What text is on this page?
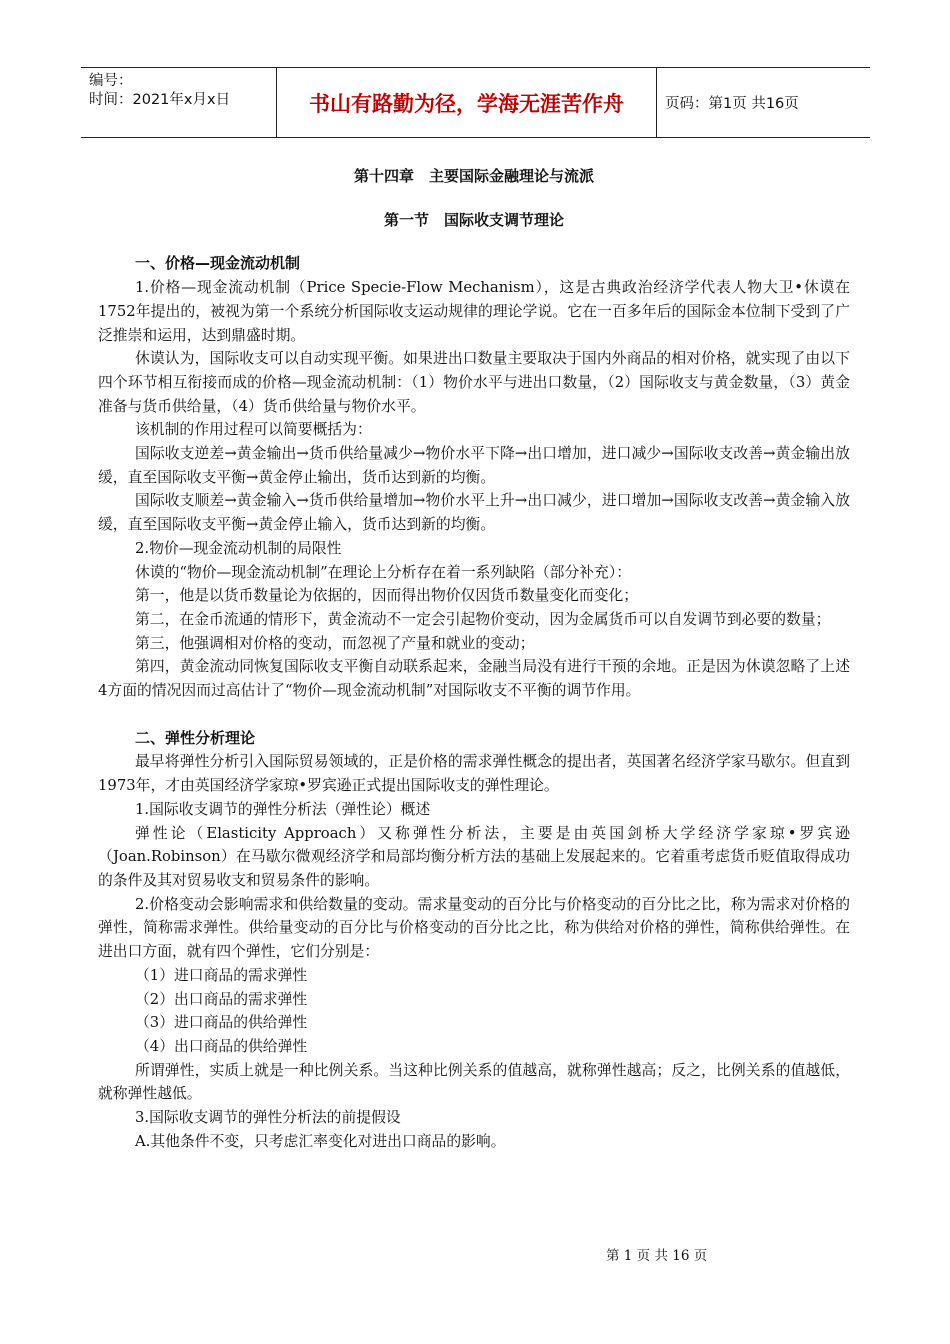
编号：
时间：2021年x月x日	书山有路勤为径，学海无涯苦作舟	页码：第1页 共16页
第十四章　主要国际金融理论与流派
第一节　国际收支调节理论
一、价格—现金流动机制

1.价格—现金流动机制（Price Specie-Flow Mechanism），这是古典政治经济学代表人物大卫•休谟在1752年提出的，被视为第一个系统分析国际收支运动规律的理论学说。它在一百多年后的国际金本位制下受到了广泛推崇和运用，达到鼎盛时期。

休谟认为，国际收支可以自动实现平衡。如果进出口数量主要取决于国内外商品的相对价格，就实现了由以下四个环节相互衔接而成的价格—现金流动机制：（1）物价水平与进出口数量，（2）国际收支与黄金数量，（3）黄金准备与货币供给量，（4）货币供给量与物价水平。

该机制的作用过程可以简要概括为：

国际收支逆差→黄金输出→货币供给量减少→物价水平下降→出口增加，进口减少→国际收支改善→黄金输出放缓，直至国际收支平衡→黄金停止输出，货币达到新的均衡。

国际收支顺差→黄金输入→货币供给量增加→物价水平上升→出口减少，进口增加→国际收支改善→黄金输入放缓，直至国际收支平衡→黄金停止输入，货币达到新的均衡。

2.物价—现金流动机制的局限性

休谟的“物价—现金流动机制”在理论上分析存在着一系列缺陷（部分补充）：

第一，他是以货币数量论为依据的，因而得出物价仅因货币数量变化而变化；

第二，在金币流通的情形下，黄金流动不一定会引起物价变动，因为金属货币可以自发调节到必要的数量；

第三，他强调相对价格的变动，而忽视了产量和就业的变动；

第四，黄金流动同恢复国际收支平衡自动联系起来，金融当局没有进行干预的余地。正是因为休谟忽略了上述4方面的情况因而过高估计了“物价—现金流动机制”对国际收支不平衡的调节作用。

二、弹性分析理论

最早将弹性分析引入国际贸易领域的，正是价格的需求弹性概念的提出者，英国著名经济学家马歇尔。但直到1973年，才由英国经济学家琼•罗宾逊正式提出国际收支的弹性理论。

1.国际收支调节的弹性分析法（弹性论）概述

弹性论（Elasticity Approach）又称弹性分析法，主要是由英国剑桥大学经济学家琼•罗宾逊（Joan.Robinson）在马歇尔微观经济学和局部均衡分析方法的基础上发展起来的。它着重考虑货币贬值取得成功的条件及其对贸易收支和贸易条件的影响。

2.价格变动会影响需求和供给数量的变动。需求量变动的百分比与价格变动的百分比之比，称为需求对价格的弹性，简称需求弹性。供给量变动的百分比与价格变动的百分比之比，称为供给对价格的弹性，简称供给弹性。在进出口方面，就有四个弹性，它们分别是：

（1）进口商品的需求弹性

（2）出口商品的需求弹性

（3）进口商品的供给弹性

（4）出口商品的供给弹性

所谓弹性，实质上就是一种比例关系。当这种比例关系的值越高，就称弹性越高；反之，比例关系的值越低，就称弹性越低。

3.国际收支调节的弹性分析法的前提假设

A.其他条件不变，只考虑汇率变化对进出口商品的影响。

第 1 页 共 16 页
